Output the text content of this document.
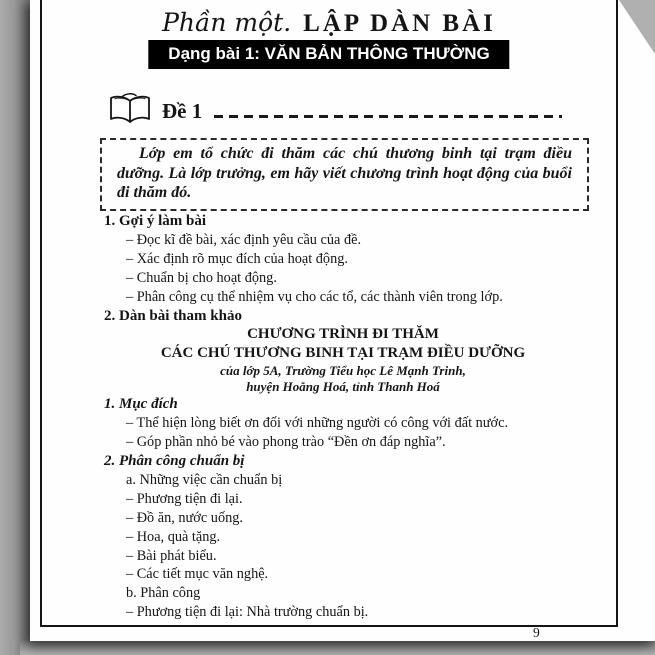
Phần một. LẬP DÀN BÀI
Dạng bài 1: VĂN BẢN THÔNG THƯỜNG
Đề 1

Lớp em tổ chức đi thăm các chú thương binh tại trạm điều dưỡng. Là lớp trưởng, em hãy viết chương trình hoạt động của buổi đi thăm đó.

1. Gợi ý làm bài
– Đọc kĩ đề bài, xác định yêu cầu của đề.
– Xác định rõ mục đích của hoạt động.
– Chuẩn bị cho hoạt động.
– Phân công cụ thể nhiệm vụ cho các tổ, các thành viên trong lớp.
2. Dàn bài tham khảo
CHƯƠNG TRÌNH ĐI THĂM
CÁC CHÚ THƯƠNG BINH TẠI TRẠM ĐIỀU DƯỠNG
của lớp 5A, Trường Tiểu học Lê Mạnh Trinh,
huyện Hoằng Hoá, tỉnh Thanh Hoá
1. Mục đích
– Thể hiện lòng biết ơn đối với những người có công với đất nước.
– Góp phần nhỏ bé vào phong trào “Đền ơn đáp nghĩa”.
2. Phân công chuẩn bị
a. Những việc cần chuẩn bị
– Phương tiện đi lại.
– Đồ ăn, nước uống.
– Hoa, quà tặng.
– Bài phát biểu.
– Các tiết mục văn nghệ.
b. Phân công
– Phương tiện đi lại: Nhà trường chuẩn bị.
9
